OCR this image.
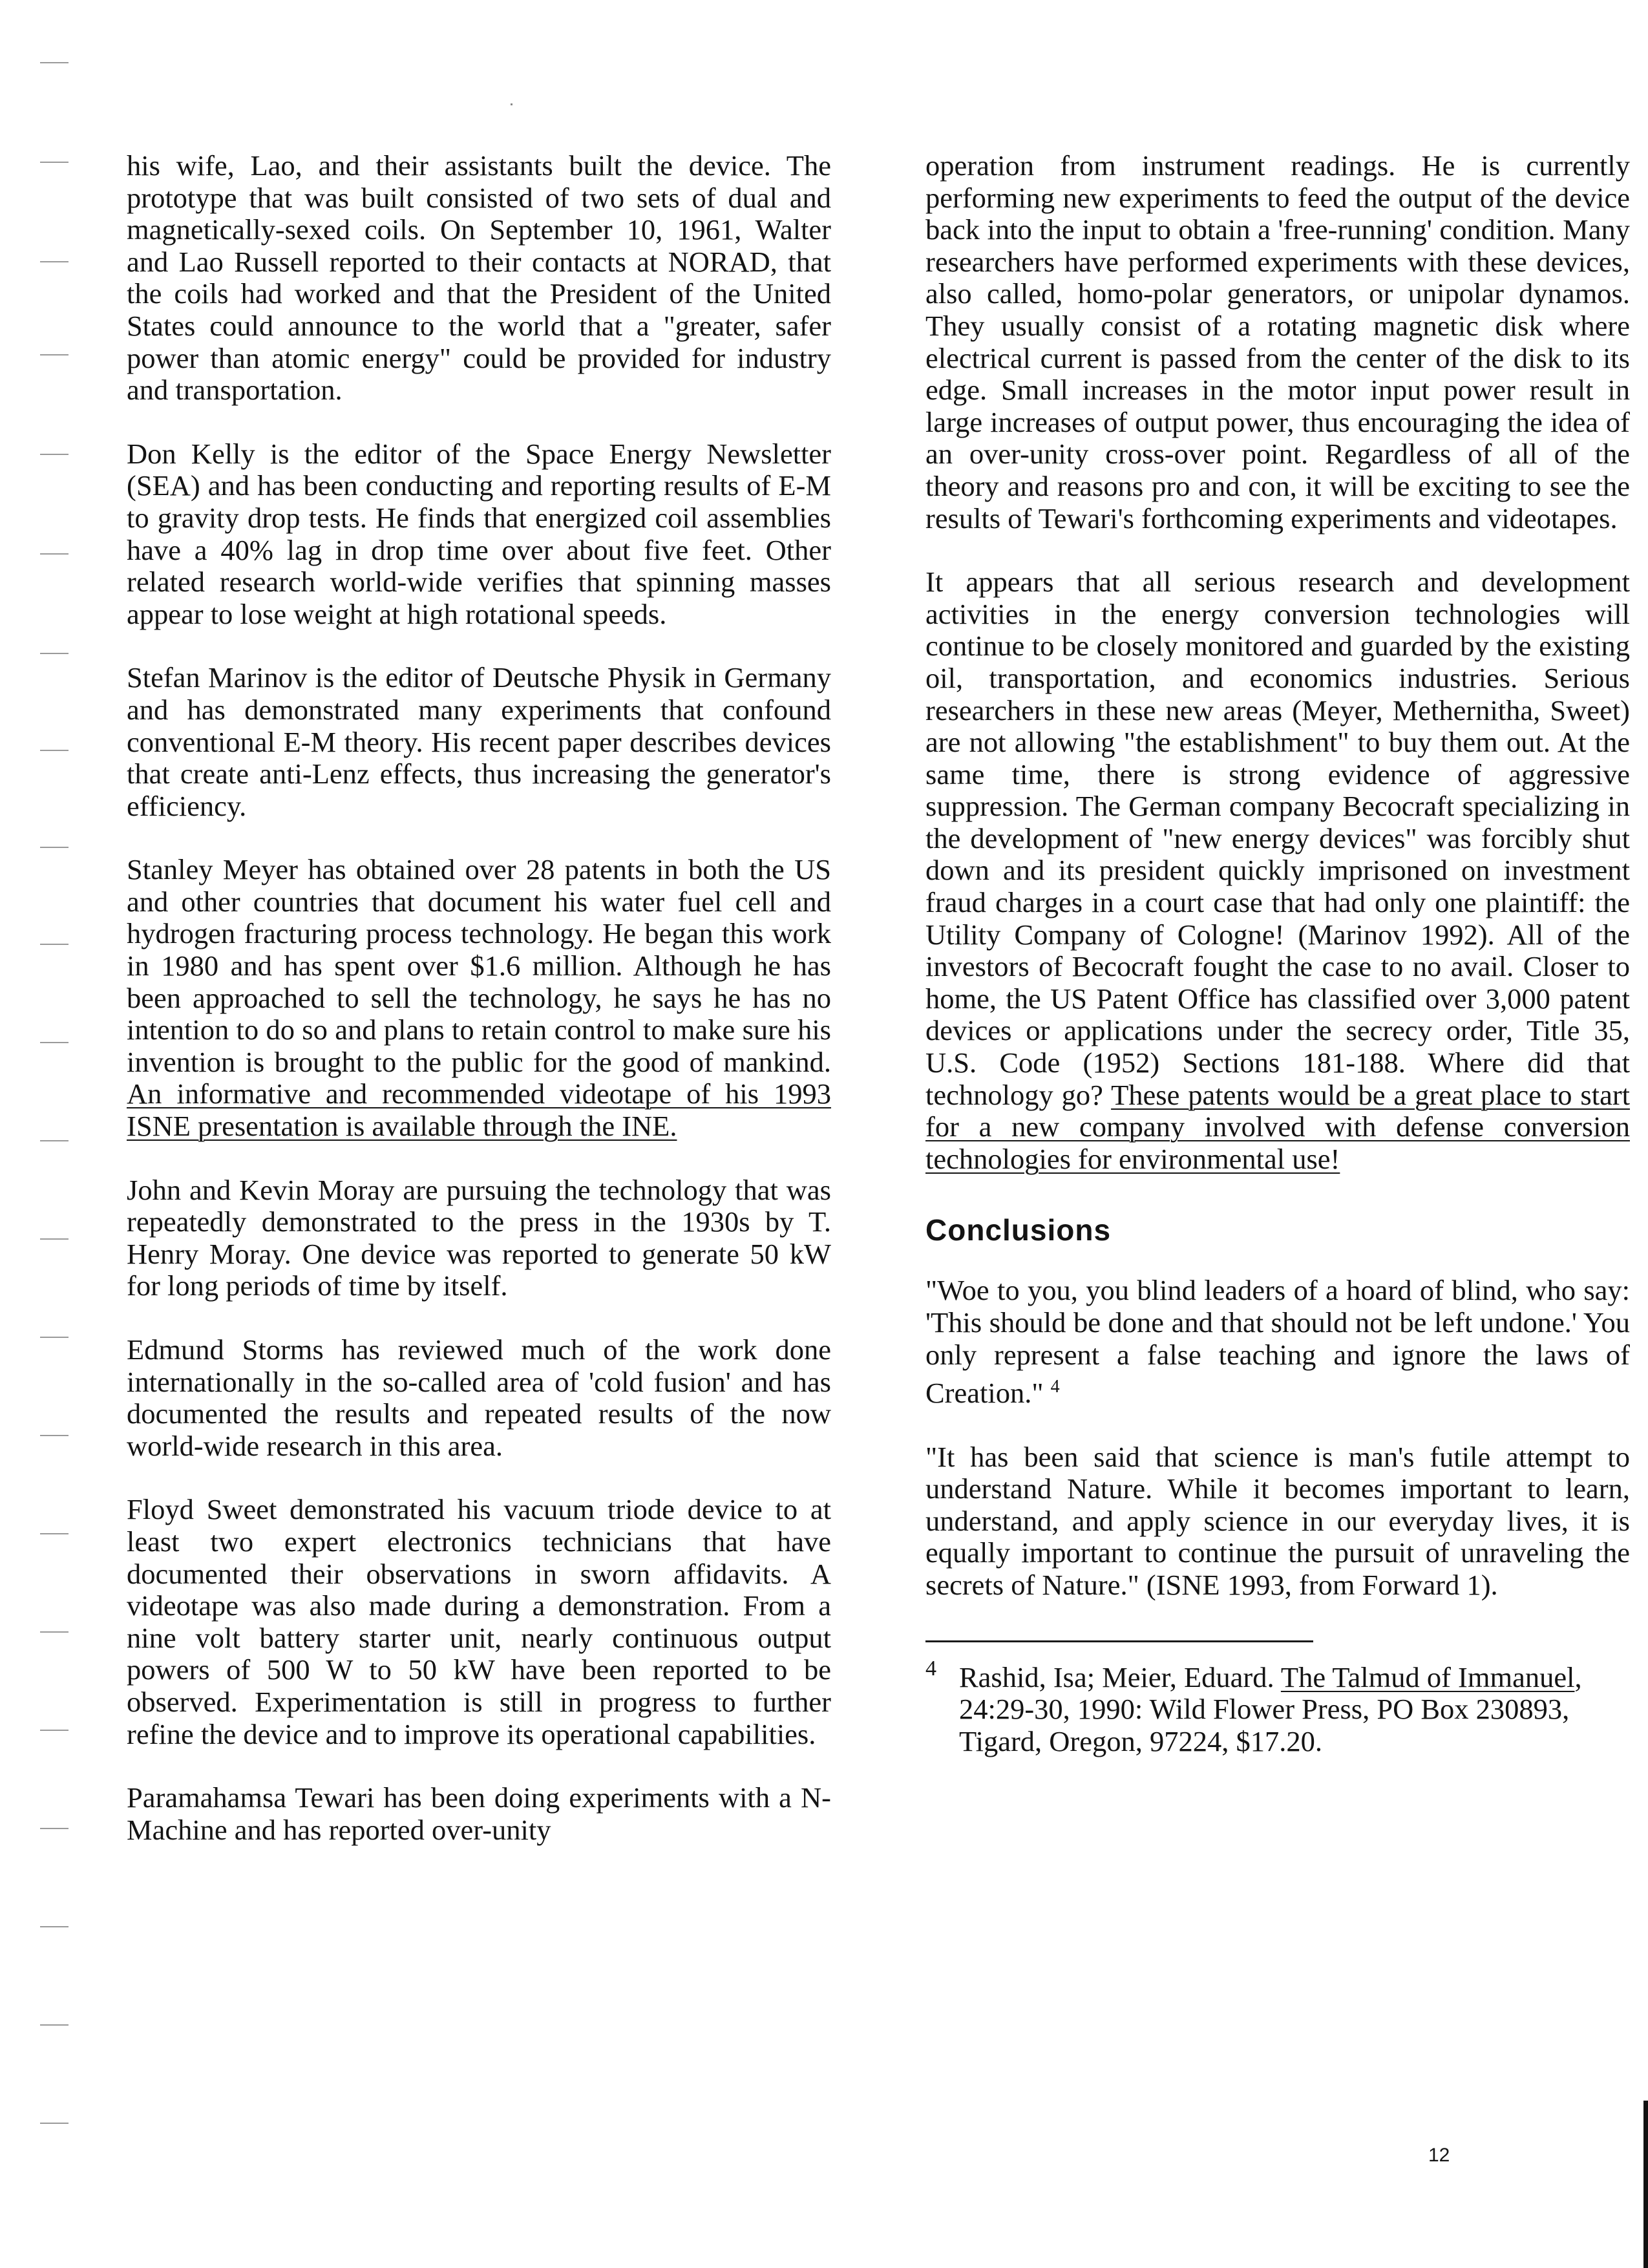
his wife, Lao, and their assistants built the device. The prototype that was built consisted of two sets of dual and magnetically-sexed coils. On September 10, 1961, Walter and Lao Russell reported to their contacts at NORAD, that the coils had worked and that the President of the United States could announce to the world that a "greater, safer power than atomic energy" could be provided for industry and transportation.

Don Kelly is the editor of the Space Energy Newsletter (SEA) and has been conducting and reporting results of E-M to gravity drop tests. He finds that energized coil assemblies have a 40% lag in drop time over about five feet. Other related research world-wide verifies that spinning masses appear to lose weight at high rotational speeds.

Stefan Marinov is the editor of Deutsche Physik in Germany and has demonstrated many experiments that confound conventional E-M theory. His recent paper describes devices that create anti-Lenz effects, thus increasing the generator's efficiency.

Stanley Meyer has obtained over 28 patents in both the US and other countries that document his water fuel cell and hydrogen fracturing process technology. He began this work in 1980 and has spent over $1.6 million. Although he has been approached to sell the technology, he says he has no intention to do so and plans to retain control to make sure his invention is brought to the public for the good of mankind. An informative and recommended videotape of his 1993 ISNE presentation is available through the INE.

John and Kevin Moray are pursuing the technology that was repeatedly demonstrated to the press in the 1930s by T. Henry Moray. One device was reported to generate 50 kW for long periods of time by itself.

Edmund Storms has reviewed much of the work done internationally in the so-called area of 'cold fusion' and has documented the results and repeated results of the now world-wide research in this area.

Floyd Sweet demonstrated his vacuum triode device to at least two expert electronics technicians that have documented their observations in sworn affidavits. A videotape was also made during a demonstration. From a nine volt battery starter unit, nearly continuous output powers of 500 W to 50 kW have been reported to be observed. Experimentation is still in progress to further refine the device and to improve its operational capabilities.

Paramahamsa Tewari has been doing experiments with a N-Machine and has reported over-unity

operation from instrument readings. He is currently performing new experiments to feed the output of the device back into the input to obtain a 'free-running' condition. Many researchers have performed experiments with these devices, also called, homo-polar generators, or unipolar dynamos. They usually consist of a rotating magnetic disk where electrical current is passed from the center of the disk to its edge. Small increases in the motor input power result in large increases of output power, thus encouraging the idea of an over-unity cross-over point. Regardless of all of the theory and reasons pro and con, it will be exciting to see the results of Tewari's forthcoming experiments and videotapes.

It appears that all serious research and development activities in the energy conversion technologies will continue to be closely monitored and guarded by the existing oil, transportation, and economics industries. Serious researchers in these new areas (Meyer, Methernitha, Sweet) are not allowing "the establishment" to buy them out. At the same time, there is strong evidence of aggressive suppression. The German company Becocraft specializing in the development of "new energy devices" was forcibly shut down and its president quickly imprisoned on investment fraud charges in a court case that had only one plaintiff: the Utility Company of Cologne! (Marinov 1992). All of the investors of Becocraft fought the case to no avail. Closer to home, the US Patent Office has classified over 3,000 patent devices or applications under the secrecy order, Title 35, U.S. Code (1952) Sections 181-188. Where did that technology go? These patents would be a great place to start for a new company involved with defense conversion technologies for environmental use!

Conclusions

"Woe to you, you blind leaders of a hoard of blind, who say: 'This should be done and that should not be left undone.' You only represent a false teaching and ignore the laws of Creation." $^4$

"It has been said that science is man's futile attempt to understand Nature. While it becomes important to learn, understand, and apply science in our everyday lives, it is equally important to continue the pursuit of unraveling the secrets of Nature." (ISNE 1993, from Forward 1).

4 Rashid, Isa; Meier, Eduard. The Talmud of Immanuel, 24:29-30, 1990: Wild Flower Press, PO Box 230893, Tigard, Oregon, 97224, $17.20.
12
